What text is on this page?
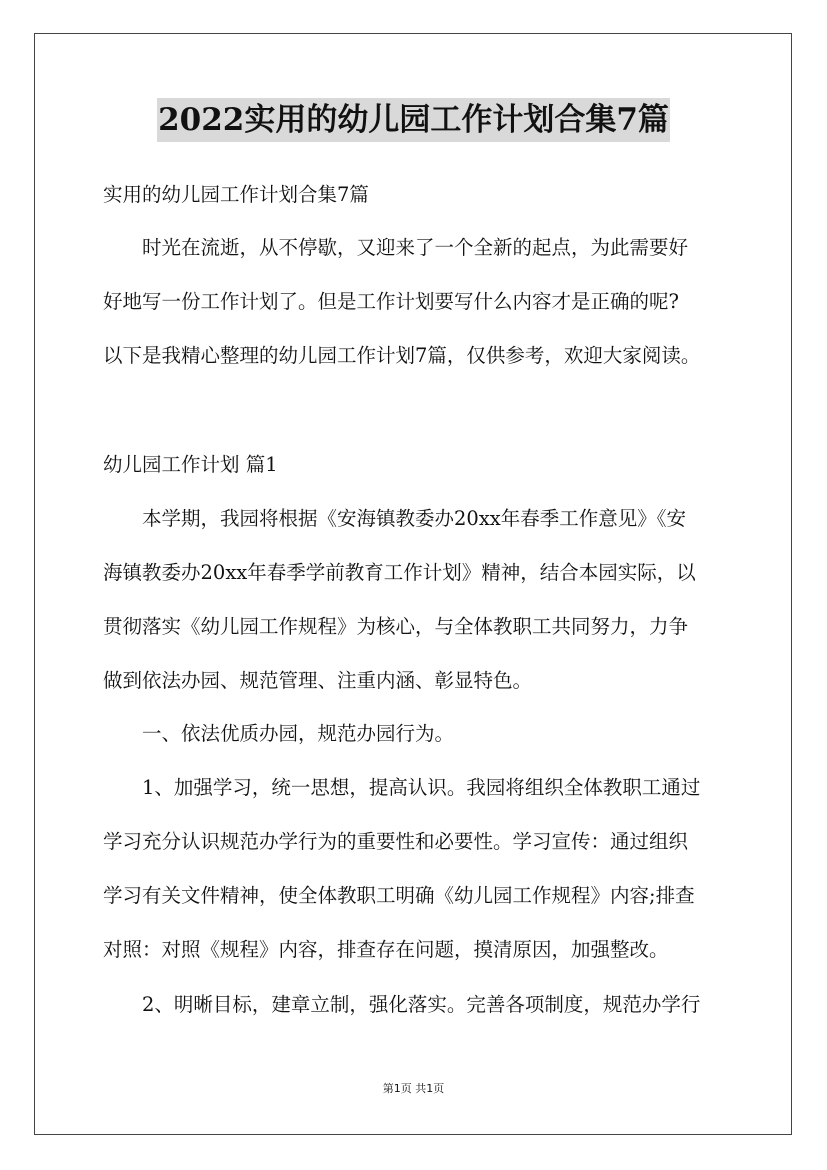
2022实用的幼儿园工作计划合集7篇
实用的幼儿园工作计划合集7篇
时光在流逝，从不停歇，又迎来了一个全新的起点，为此需要好
好地写一份工作计划了。但是工作计划要写什么内容才是正确的呢?
以下是我精心整理的幼儿园工作计划7篇，仅供参考，欢迎大家阅读。
幼儿园工作计划 篇1
本学期，我园将根据《安海镇教委办20xx年春季工作意见》《安
海镇教委办20xx年春季学前教育工作计划》精神，结合本园实际，以
贯彻落实《幼儿园工作规程》为核心，与全体教职工共同努力，力争
做到依法办园、规范管理、注重内涵、彰显特色。
一、依法优质办园，规范办园行为。
1、加强学习，统一思想，提高认识。我园将组织全体教职工通过
学习充分认识规范办学行为的重要性和必要性。学习宣传：通过组织
学习有关文件精神，使全体教职工明确《幼儿园工作规程》内容;排查
对照：对照《规程》内容，排查存在问题，摸清原因，加强整改。
2、明晰目标，建章立制，强化落实。完善各项制度，规范办学行
第1页 共1页
